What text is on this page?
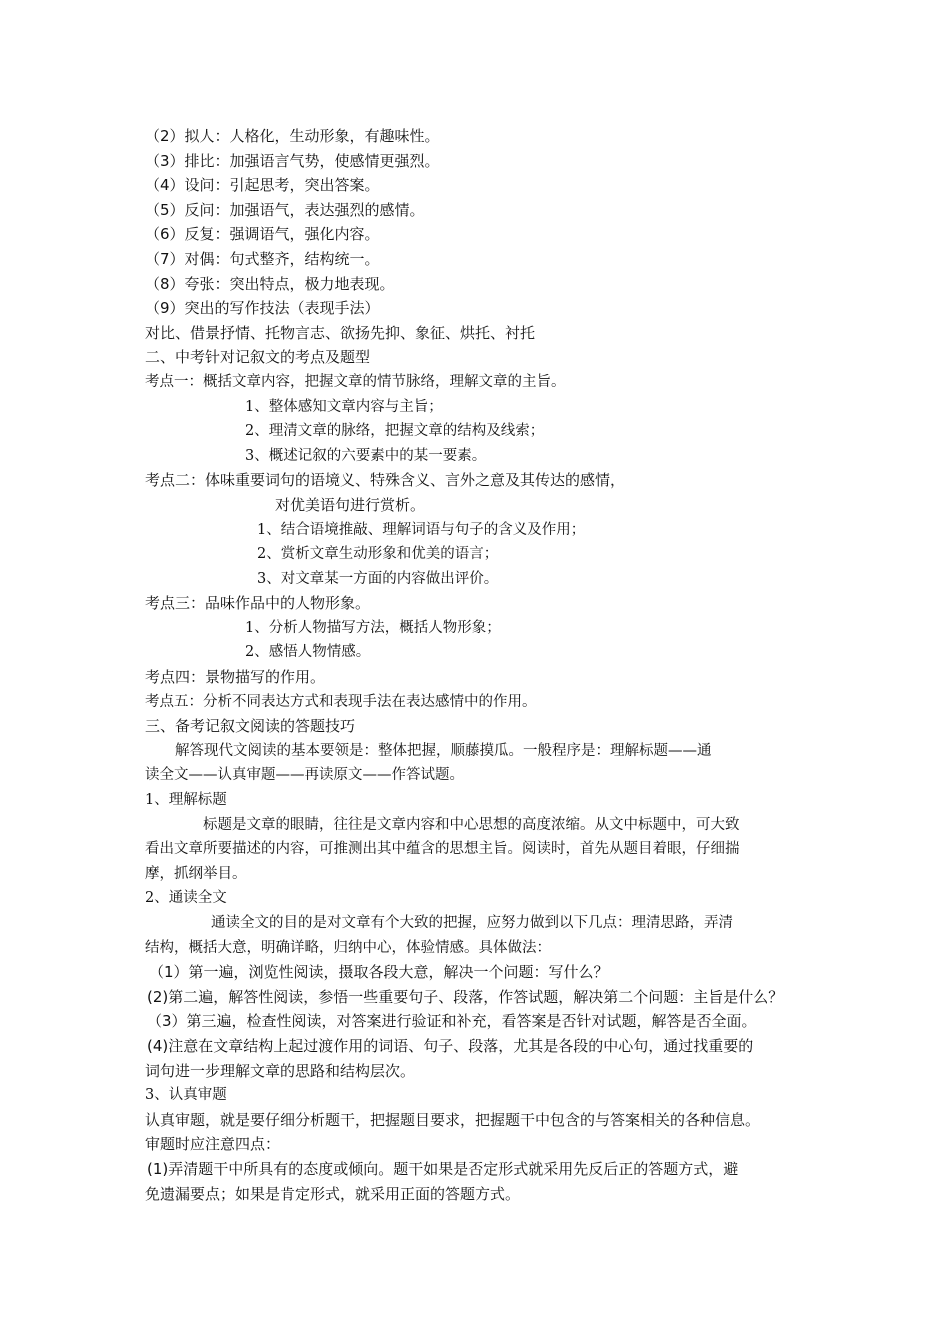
（2）拟人：人格化，生动形象，有趣味性。
（3）排比：加强语言气势，使感情更强烈。
（4）设问：引起思考，突出答案。
（5）反问：加强语气，表达强烈的感情。
（6）反复：强调语气，强化内容。
（7）对偶：句式整齐，结构统一。
（8）夸张：突出特点，极力地表现。
（9）突出的写作技法（表现手法）
对比、借景抒情、托物言志、欲扬先抑、象征、烘托、衬托
二、中考针对记叙文的考点及题型
考点一：概括文章内容，把握文章的情节脉络，理解文章的主旨。
1、整体感知文章内容与主旨；
2、理清文章的脉络，把握文章的结构及线索；
3、概述记叙的六要素中的某一要素。
考点二：体味重要词句的语境义、特殊含义、言外之意及其传达的感情，
对优美语句进行赏析。
1、结合语境推敲、理解词语与句子的含义及作用；
2、赏析文章生动形象和优美的语言；
3、对文章某一方面的内容做出评价。
考点三：品味作品中的人物形象。
1、分析人物描写方法，概括人物形象；
2、感悟人物情感。
考点四：景物描写的作用。
考点五：分析不同表达方式和表现手法在表达感情中的作用。
三、备考记叙文阅读的答题技巧
解答现代文阅读的基本要领是：整体把握，顺藤摸瓜。一般程序是：理解标题——通
读全文——认真审题——再读原文——作答试题。
1、理解标题
标题是文章的眼睛，往往是文章内容和中心思想的高度浓缩。从文中标题中，可大致
看出文章所要描述的内容，可推测出其中蕴含的思想主旨。阅读时，首先从题目着眼，仔细揣
摩，抓纲举目。
2、通读全文
通读全文的目的是对文章有个大致的把握，应努力做到以下几点：理清思路，弄清
结构，概括大意，明确详略，归纳中心，体验情感。具体做法：
（1）第一遍，浏览性阅读，摄取各段大意，解决一个问题：写什么？
(2)第二遍，解答性阅读，参悟一些重要句子、段落，作答试题，解决第二个问题：主旨是什么？
（3）第三遍，检查性阅读，对答案进行验证和补充，看答案是否针对试题，解答是否全面。
(4)注意在文章结构上起过渡作用的词语、句子、段落，尤其是各段的中心句，通过找重要的
词句进一步理解文章的思路和结构层次。
3、认真审题
认真审题，就是要仔细分析题干，把握题目要求，把握题干中包含的与答案相关的各种信息。
审题时应注意四点：
(1)弄清题干中所具有的态度或倾向。题干如果是否定形式就采用先反后正的答题方式，避
免遗漏要点；如果是肯定形式，就采用正面的答题方式。
